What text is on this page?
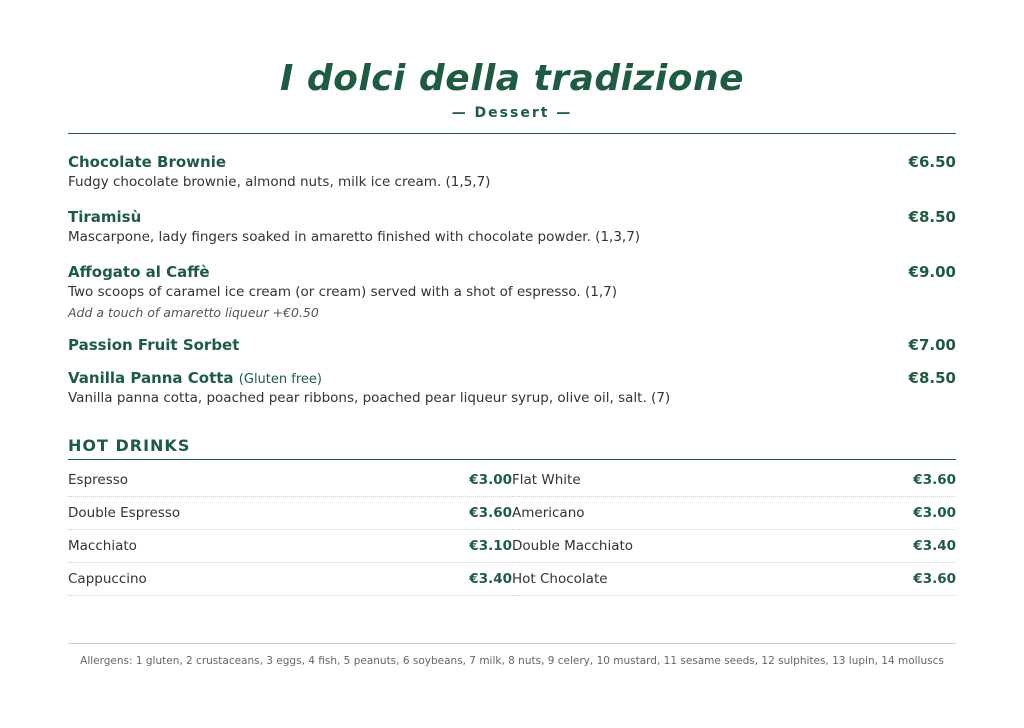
I dolci della tradizione
— Dessert —
Chocolate Brownie	€6.50
Fudgy chocolate brownie, almond nuts, milk ice cream. (1,5,7)
Tiramisù	€8.50
Mascarpone, lady fingers soaked in amaretto finished with chocolate powder. (1,3,7)
Affogato al Caffè	€9.00
Two scoops of caramel ice cream (or cream) served with a shot of espresso. (1,7)
Add a touch of amaretto liqueur +€0.50
Passion Fruit Sorbet	€7.00
Vanilla Panna Cotta (Gluten free)	€8.50
Vanilla panna cotta, poached pear ribbons, poached pear liqueur syrup, olive oil, salt. (7)
HOT DRINKS
Espresso	€3.00 Flat White	€3.60
Double Espresso	€3.60 Americano	€3.00
Macchiato	€3.10 Double Macchiato	€3.40
Cappuccino	€3.40 Hot Chocolate	€3.60
Allergens: 1 gluten, 2 crustaceans, 3 eggs, 4 fish, 5 peanuts, 6 soybeans, 7 milk, 8 nuts, 9 celery, 10 mustard, 11 sesame seeds, 12 sulphites, 13 lupin, 14 molluscs
